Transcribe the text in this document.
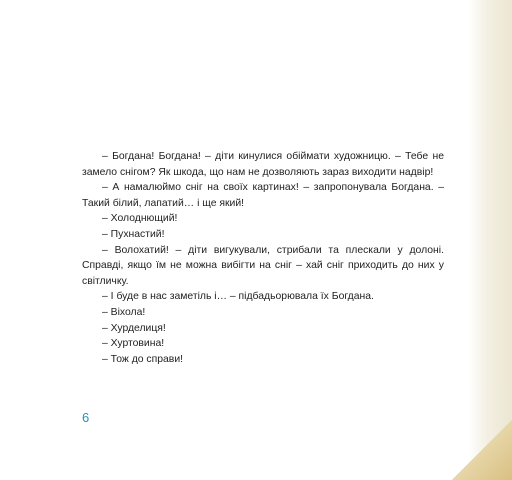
– Богдана! Богдана! – діти кинулися обіймати художницю. – Тебе не замело снігом? Як шкода, що нам не дозволяють зараз виходити надвір!

– А намалюймо сніг на своїх картинах! – запропонувала Богдана. – Такий білий, лапатий… і ще який!

– Холоднющий!

– Пухнастий!

– Волохатий! – діти вигукували, стрибали та плескали у долоні. Справді, якщо їм не можна вибігти на сніг – хай сніг приходить до них у світличку.

– І буде в нас заметіль і… – підбадьорювала їх Богдана.

– Віхола!

– Хурделиця!

– Хуртовина!

– Тож до справи!

6
